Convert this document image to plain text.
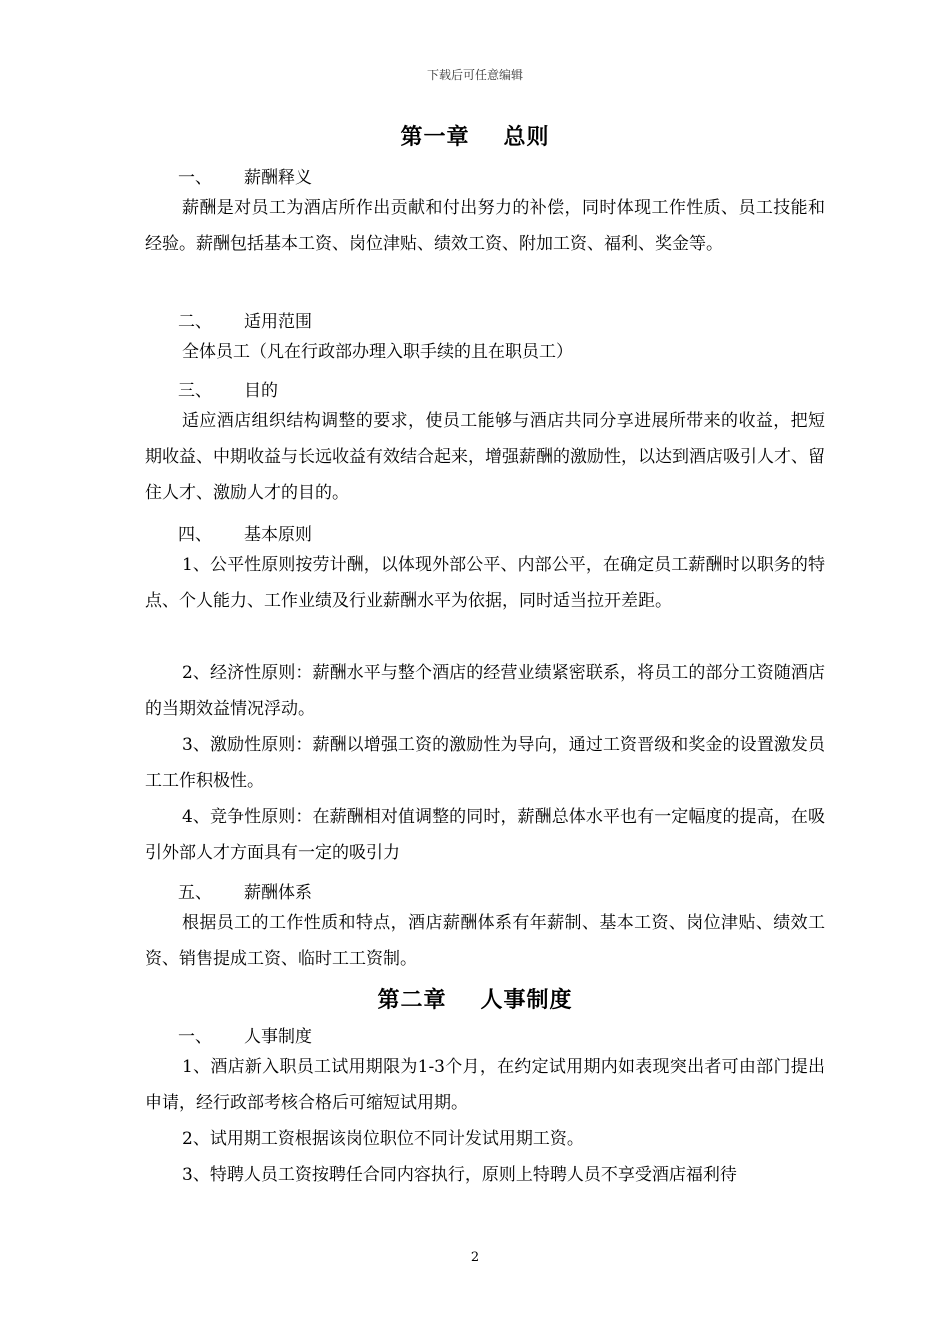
下载后可任意编辑
第一章 总则
一、 薪酬释义
薪酬是对员工为酒店所作出贡献和付出努力的补偿，同时体现工作性质、员工技能和经验。薪酬包括基本工资、岗位津贴、绩效工资、附加工资、福利、奖金等。
二、 适用范围
全体员工（凡在行政部办理入职手续的且在职员工）
三、 目的
适应酒店组织结构调整的要求，使员工能够与酒店共同分享进展所带来的收益，把短期收益、中期收益与长远收益有效结合起来，增强薪酬的激励性，以达到酒店吸引人才、留住人才、激励人才的目的。
四、 基本原则
1、公平性原则按劳计酬，以体现外部公平、内部公平，在确定员工薪酬时以职务的特点、个人能力、工作业绩及行业薪酬水平为依据，同时适当拉开差距。
2、经济性原则：薪酬水平与整个酒店的经营业绩紧密联系，将员工的部分工资随酒店的当期效益情况浮动。
3、激励性原则：薪酬以增强工资的激励性为导向，通过工资晋级和奖金的设置激发员工工作积极性。
4、竞争性原则：在薪酬相对值调整的同时，薪酬总体水平也有一定幅度的提高，在吸引外部人才方面具有一定的吸引力
五、 薪酬体系
根据员工的工作性质和特点，酒店薪酬体系有年薪制、基本工资、岗位津贴、绩效工资、销售提成工资、临时工工资制。
第二章 人事制度
一、 人事制度
1、酒店新入职员工试用期限为1-3个月，在约定试用期内如表现突出者可由部门提出申请，经行政部考核合格后可缩短试用期。
2、试用期工资根据该岗位职位不同计发试用期工资。
3、特聘人员工资按聘任合同内容执行，原则上特聘人员不享受酒店福利待
2
